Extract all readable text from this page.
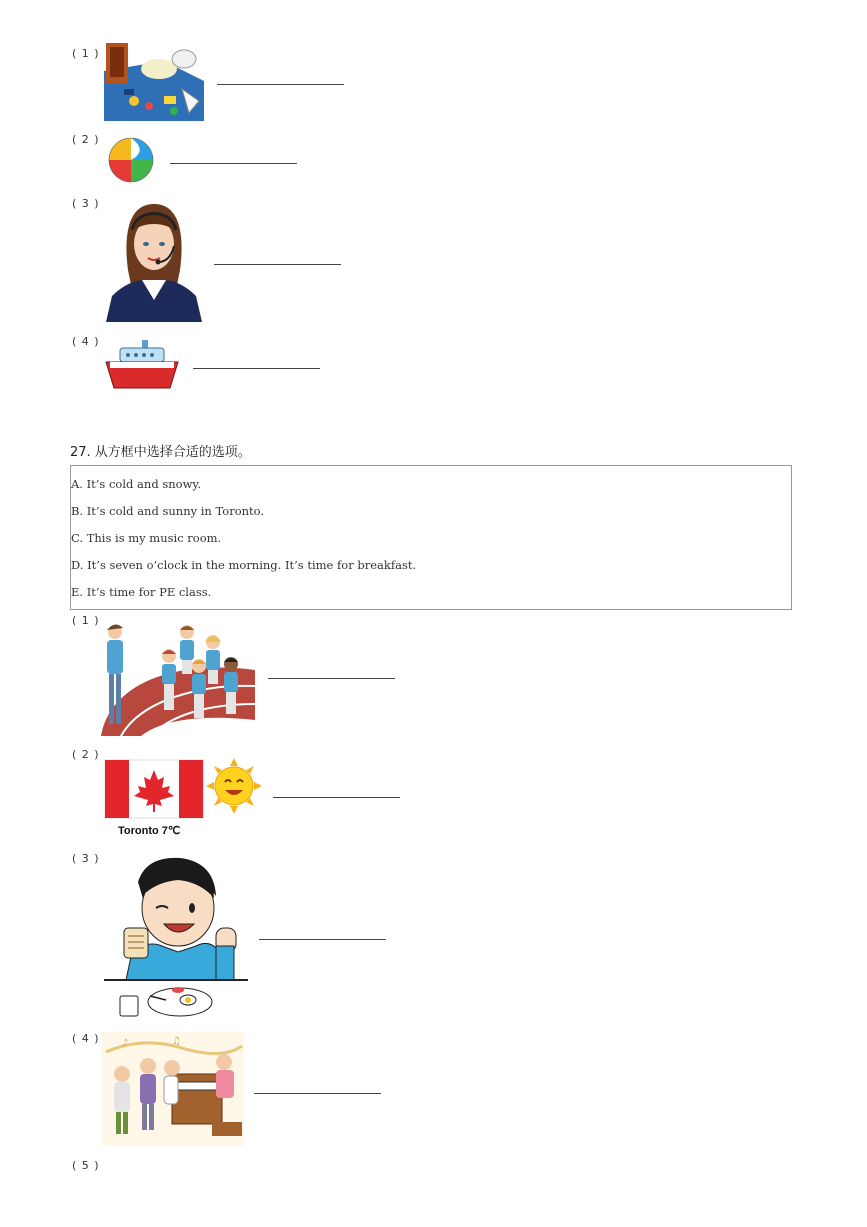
( 1 )
( 2 )
( 3 )
( 4 )
27. 从方框中选择合适的选项。
A. It’s cold and snowy.
B. It’s cold and sunny in Toronto.
C. This is my music room.
D. It’s seven o’clock in the morning. It’s time for breakfast.
E. It’s time for PE class.
( 1 )
( 2 )
Toronto 7℃
( 3 )
( 4 ) ♪	♫
( 5 )
